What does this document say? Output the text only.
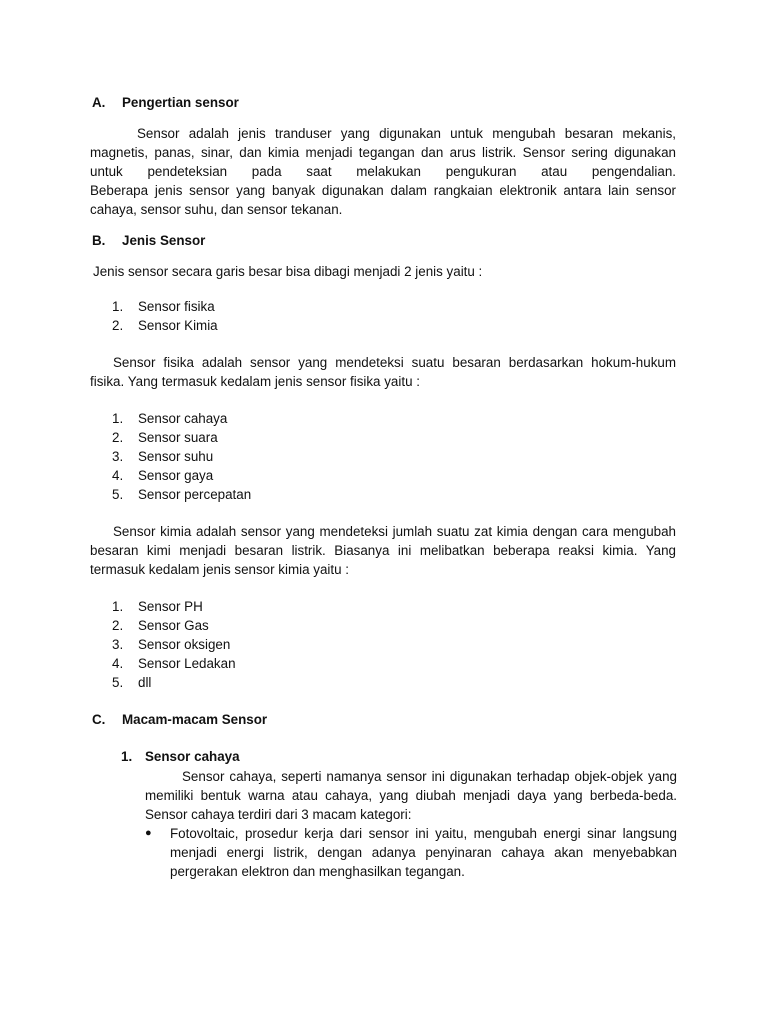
A. Pengertian sensor
Sensor adalah jenis tranduser yang digunakan untuk mengubah besaran mekanis,
magnetis, panas, sinar, dan kimia menjadi tegangan dan arus listrik. Sensor sering digunakan
untuk pendeteksian pada saat melakukan pengukuran atau pengendalian.
Beberapa jenis sensor yang banyak digunakan dalam rangkaian elektronik antara lain sensor
cahaya, sensor suhu, dan sensor tekanan.
B. Jenis Sensor
Jenis sensor secara garis besar bisa dibagi menjadi 2 jenis yaitu :
1. Sensor fisika
2. Sensor Kimia
Sensor fisika adalah sensor yang mendeteksi suatu besaran berdasarkan hokum-hukum
fisika. Yang termasuk kedalam jenis sensor fisika yaitu :
1. Sensor cahaya
2. Sensor suara
3. Sensor suhu
4. Sensor gaya
5. Sensor percepatan
Sensor kimia adalah sensor yang mendeteksi jumlah suatu zat kimia dengan cara mengubah
besaran kimi menjadi besaran listrik. Biasanya ini melibatkan beberapa reaksi kimia. Yang
termasuk kedalam jenis sensor kimia yaitu :
1. Sensor PH
2. Sensor Gas
3. Sensor oksigen
4. Sensor Ledakan
5. dll
C. Macam-macam Sensor
1. Sensor cahaya
Sensor cahaya, seperti namanya sensor ini digunakan terhadap objek-objek yang
memiliki bentuk warna atau cahaya, yang diubah menjadi daya yang berbeda-beda.
Sensor cahaya terdiri dari 3 macam kategori:
● Fotovoltaic, prosedur kerja dari sensor ini yaitu, mengubah energi sinar langsung
menjadi energi listrik, dengan adanya penyinaran cahaya akan menyebabkan
pergerakan elektron dan menghasilkan tegangan.
